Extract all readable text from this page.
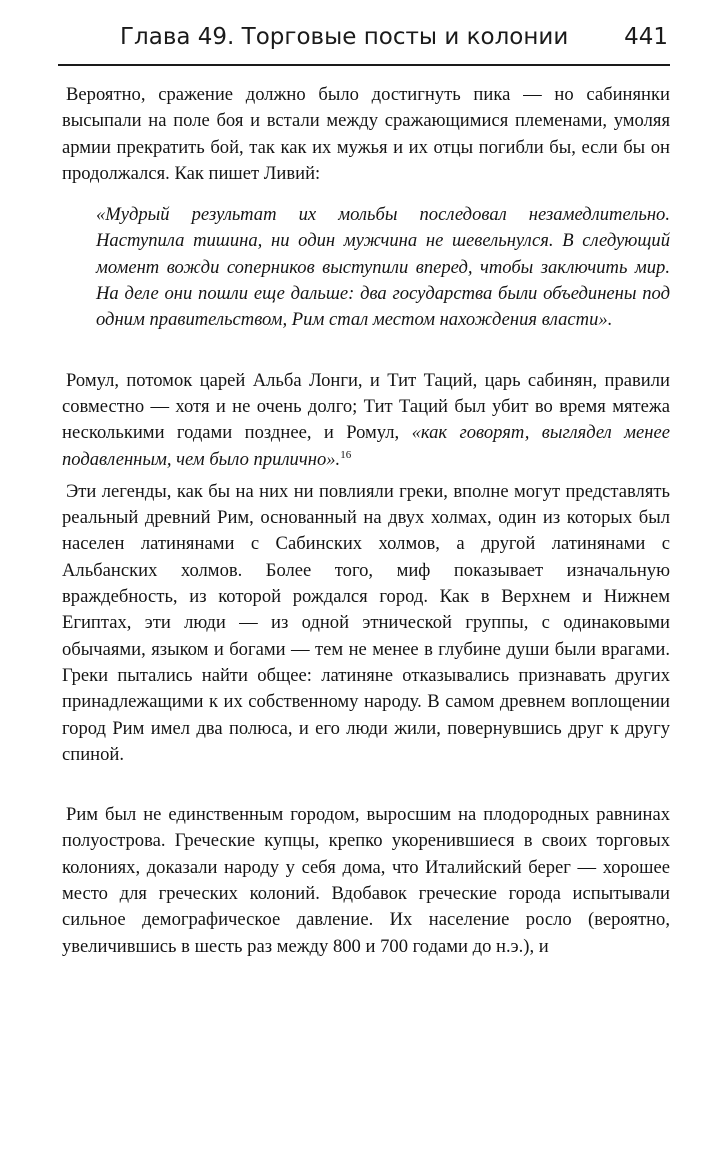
Глава 49. Торговые посты и колонии 441

Вероятно, сражение должно было достигнуть пика — но сабинянки высыпали на поле боя и встали между сражающимися племенами, умоляя армии прекратить бой, так как их мужья и их отцы погибли бы, если бы он продолжался. Как пишет Ливий:

«Мудрый результат их мольбы последовал незамедлительно. Наступила тишина, ни один мужчина не шевельнулся. В следующий момент вожди соперников выступили вперед, чтобы заключить мир. На деле они пошли еще дальше: два государства были объединены под одним правительством, Рим стал местом нахождения власти».

Ромул, потомок царей Альба Лонги, и Тит Таций, царь сабинян, правили совместно — хотя и не очень долго; Тит Таций был убит во время мятежа несколькими годами позднее, и Ромул, «как говорят, выглядел менее подавленным, чем было прилично».$^{16}$

Эти легенды, как бы на них ни повлияли греки, вполне могут представлять реальный древний Рим, основанный на двух холмах, один из которых был населен латинянами с Сабинских холмов, а другой латинянами с Альбанских холмов. Более того, миф показывает изначальную враждебность, из которой рождался город. Как в Верхнем и Нижнем Египтах, эти люди — из одной этнической группы, с одинаковыми обычаями, языком и богами — тем не менее в глубине души были врагами. Греки пытались найти общее: латиняне отказывались признавать других принадлежащими к их собственному народу. В самом древнем воплощении город Рим имел два полюса, и его люди жили, повернувшись друг к другу спиной.

Рим был не единственным городом, выросшим на плодородных равнинах полуострова. Греческие купцы, крепко укоренившиеся в своих торговых колониях, доказали народу у себя дома, что Италийский берег — хорошее место для греческих колоний. Вдобавок греческие города испытывали сильное демографическое давление. Их население росло (вероятно, увеличившись в шесть раз между 800 и 700 годами до н.э.), и
